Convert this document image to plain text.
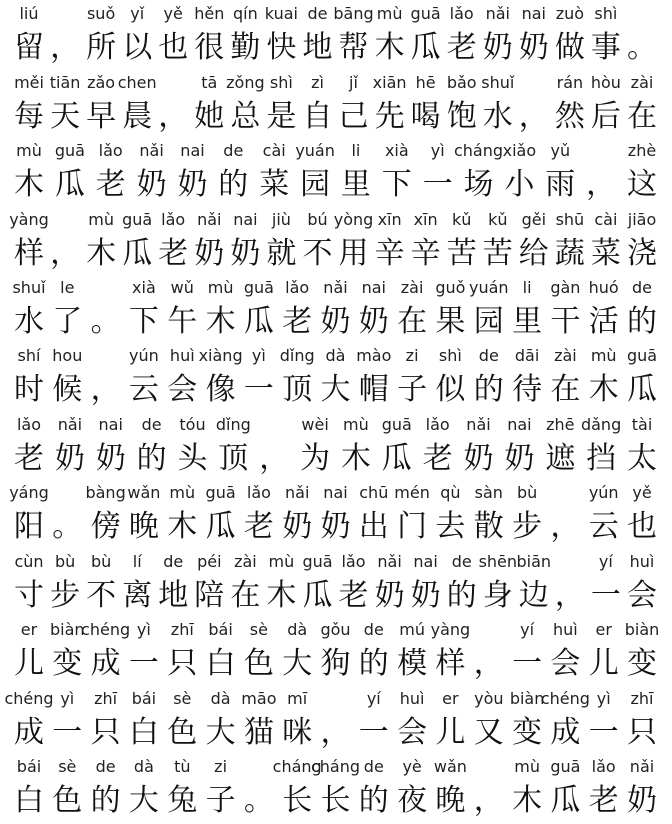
liú	suǒ yǐ yě hěn qín kuai de bāng mù guā lǎo nǎi nai zuò shì
留 ， 所 以 也 很 勤 快 地 帮 木 瓜 老 奶 奶 做 事 。
měi tiān zǎo chen	tā zǒng shì zì jǐ xiān hē bǎo shuǐ	rán hòu zài
每 天 早 晨 ， 她 总 是 自 己 先 喝 饱 水 ， 然 后 在
mù guā lǎo nǎi nai de cài yuán li xià yì cháng xiǎo yǔ	zhè
木 瓜 老 奶 奶 的 菜 园 里 下 一 场 小 雨 ， 这
yàng mù guā lǎo nǎi nai jiù bú yòng xīn xīn kǔ kǔ gěi shū cài jiāo
样 ， 木 瓜 老 奶 奶 就 不 用 辛 辛 苦 苦 给 蔬 菜 浇
shuǐ le	xià wǔ mù guā lǎo nǎi nai zài guǒ yuán li gàn huó de
水 了 。 下 午 木 瓜 老 奶 奶 在 果 园 里 干 活 的
shí hou	yún huì xiàng yì dǐng dà mào zi shì de dāi zài mù guā
时 候 ， 云 会 像 一 顶 大 帽 子 似 的 待 在 木 瓜
lǎo nǎi nai de tóu dǐng	wèi mù guā lǎo nǎi nai zhē dǎng tài
老 奶 奶 的 头 顶 ， 为 木 瓜 老 奶 奶 遮 挡 太
yáng bàng wǎn mù guā lǎo nǎi nai chū mén qù sàn bù	yún yě
阳 。 傍 晚 木 瓜 老 奶 奶 出 门 去 散 步 ， 云 也
cùn bù bù lí de péi zài mù guā lǎo nǎi nai de shēn biān	yí huì
寸 步 不 离 地 陪 在 木 瓜 老 奶 奶 的 身 边 ， 一 会
er biàn
chéng yì zhī bái sè dà gǒu de mú yàng	yí huì er biàn
儿 变 成 一 只 白 色 大 狗 的 模 样 ， 一 会 儿 变
chéng yì zhī bái sè dà māo mī	yí huì er yòu biàn
chéng yì zhī
成 一 只 白 色 大 猫 咪 ， 一 会 儿 又 变 成 一 只
bái sè de dà tù zi	cháng
cháng de yè wǎn	mù guā lǎo nǎi
白 色 的 大 兔 子 。 长 长 的 夜 晚 ， 木 瓜 老 奶
